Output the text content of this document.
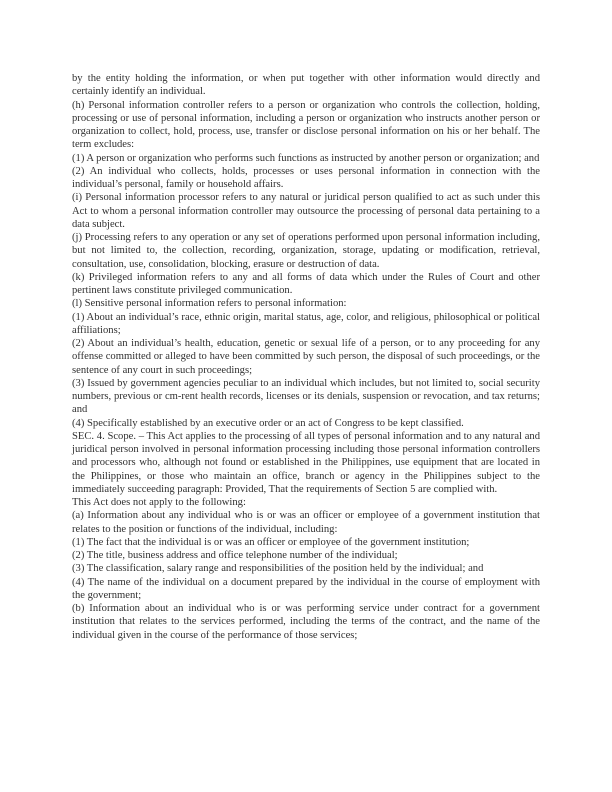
by the entity holding the information, or when put together with other information would directly and certainly identify an individual.

(h) Personal information controller refers to a person or organization who controls the collection, holding, processing or use of personal information, including a person or organization who instructs another person or organization to collect, hold, process, use, transfer or disclose personal information on his or her behalf. The term excludes:

(1) A person or organization who performs such functions as instructed by another person or organization; and

(2) An individual who collects, holds, processes or uses personal information in connection with the individual’s personal, family or household affairs.

(i) Personal information processor refers to any natural or juridical person qualified to act as such under this Act to whom a personal information controller may outsource the processing of personal data pertaining to a data subject.

(j) Processing refers to any operation or any set of operations performed upon personal information including, but not limited to, the collection, recording, organization, storage, updating or modification, retrieval, consultation, use, consolidation, blocking, erasure or destruction of data.

(k) Privileged information refers to any and all forms of data which under the Rules of Court and other pertinent laws constitute privileged communication.

(l) Sensitive personal information refers to personal information:

(1) About an individual’s race, ethnic origin, marital status, age, color, and religious, philosophical or political affiliations;

(2) About an individual’s health, education, genetic or sexual life of a person, or to any proceeding for any offense committed or alleged to have been committed by such person, the disposal of such proceedings, or the sentence of any court in such proceedings;

(3) Issued by government agencies peculiar to an individual which includes, but not limited to, social security numbers, previous or cm-rent health records, licenses or its denials, suspension or revocation, and tax returns; and

(4) Specifically established by an executive order or an act of Congress to be kept classified.

SEC. 4. Scope. – This Act applies to the processing of all types of personal information and to any natural and juridical person involved in personal information processing including those personal information controllers and processors who, although not found or established in the Philippines, use equipment that are located in the Philippines, or those who maintain an office, branch or agency in the Philippines subject to the immediately succeeding paragraph: Provided, That the requirements of Section 5 are complied with.

This Act does not apply to the following:

(a) Information about any individual who is or was an officer or employee of a government institution that relates to the position or functions of the individual, including:

(1) The fact that the individual is or was an officer or employee of the government institution;

(2) The title, business address and office telephone number of the individual;

(3) The classification, salary range and responsibilities of the position held by the individual; and

(4) The name of the individual on a document prepared by the individual in the course of employment with the government;

(b) Information about an individual who is or was performing service under contract for a government institution that relates to the services performed, including the terms of the contract, and the name of the individual given in the course of the performance of those services;
